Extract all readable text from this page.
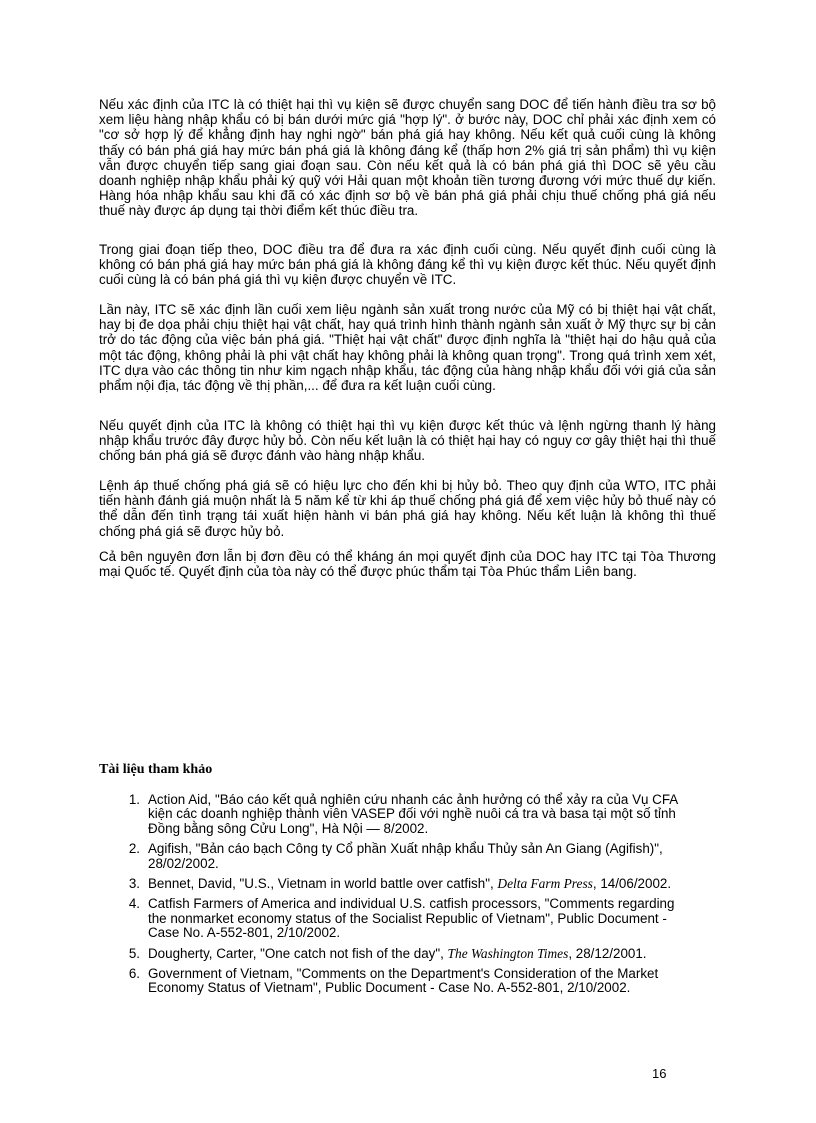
Nếu xác định của ITC là có thiệt hại thì vụ kiện sẽ được chuyển sang DOC để tiến hành điều tra sơ bộ xem liệu hàng nhập khẩu có bị bán dưới mức giá "hợp lý". ở bước này, DOC chỉ phải xác định xem có "cơ sở hợp lý để khẳng định hay nghi ngờ" bán phá giá hay không. Nếu kết quả cuối cùng là không thấy có bán phá giá hay mức bán phá giá là không đáng kể (thấp hơn 2% giá trị sản phẩm) thì vụ kiện vẫn được chuyển tiếp sang giai đoạn sau. Còn nếu kết quả là có bán phá giá thì DOC sẽ yêu cầu doanh nghiệp nhập khẩu phải ký quỹ với Hải quan một khoản tiền tương đương với mức thuế dự kiến. Hàng hóa nhập khẩu sau khi đã có xác định sơ bộ về bán phá giá phải chịu thuế chống phá giá nếu thuế này được áp dụng tại thời điểm kết thúc điều tra.

Trong giai đoạn tiếp theo, DOC điều tra để đưa ra xác định cuối cùng. Nếu quyết định cuối cùng là không có bán phá giá hay mức bán phá giá là không đáng kể thì vụ kiện được kết thúc. Nếu quyết định cuối cùng là có bán phá giá thì vụ kiện được chuyển về ITC.

Lần này, ITC sẽ xác định lần cuối xem liệu ngành sản xuất trong nước của Mỹ có bị thiệt hại vật chất, hay bị đe dọa phải chịu thiệt hại vật chất, hay quá trình hình thành ngành sản xuất ở Mỹ thực sự bị cản trở do tác động của việc bán phá giá. "Thiệt hại vật chất" được định nghĩa là "thiệt hại do hậu quả của một tác động, không phải là phi vật chất hay không phải là không quan trọng". Trong quá trình xem xét, ITC dựa vào các thông tin như kim ngạch nhập khẩu, tác động của hàng nhập khẩu đối với giá của sản phẩm nội địa, tác động về thị phần,... để đưa ra kết luận cuối cùng.

Nếu quyết định của ITC là không có thiệt hại thì vụ kiện được kết thúc và lệnh ngừng thanh lý hàng nhập khẩu trước đây được hủy bỏ. Còn nếu kết luận là có thiệt hại hay có nguy cơ gây thiệt hại thì thuế chống bán phá giá sẽ được đánh vào hàng nhập khẩu.

Lệnh áp thuế chống phá giá sẽ có hiệu lực cho đến khi bị hủy bỏ. Theo quy định của WTO, ITC phải tiến hành đánh giá muộn nhất là 5 năm kể từ khi áp thuế chống phá giá để xem việc hủy bỏ thuế này có thể dẫn đến tình trạng tái xuất hiện hành vi bán phá giá hay không. Nếu kết luận là không thì thuế chống phá giá sẽ được hủy bỏ.

Cả bên nguyên đơn lẫn bị đơn đều có thể kháng án mọi quyết định của DOC hay ITC tại Tòa Thương mại Quốc tế. Quyết định của tòa này có thể được phúc thẩm tại Tòa Phúc thẩm Liên bang.

Tài liệu tham khảo
1. Action Aid, "Báo cáo kết quả nghiên cứu nhanh các ảnh hưởng có thể xảy ra của Vụ CFA kiện các doanh nghiệp thành viên VASEP đối với nghề nuôi cá tra và basa tại một số tỉnh Đồng bằng sông Cửu Long", Hà Nội — 8/2002.
2. Agifish, "Bản cáo bạch Công ty Cổ phần Xuất nhập khẩu Thủy sản An Giang (Agifish)", 28/02/2002.
3. Bennet, David, "U.S., Vietnam in world battle over catfish", Delta Farm Press, 14/06/2002.
4. Catfish Farmers of America and individual U.S. catfish processors, "Comments regarding the nonmarket economy status of the Socialist Republic of Vietnam", Public Document - Case No. A-552-801, 2/10/2002.
5. Dougherty, Carter, "One catch not fish of the day", The Washington Times, 28/12/2001.
6. Government of Vietnam, "Comments on the Department's Consideration of the Market Economy Status of Vietnam", Public Document - Case No. A-552-801, 2/10/2002.
16
